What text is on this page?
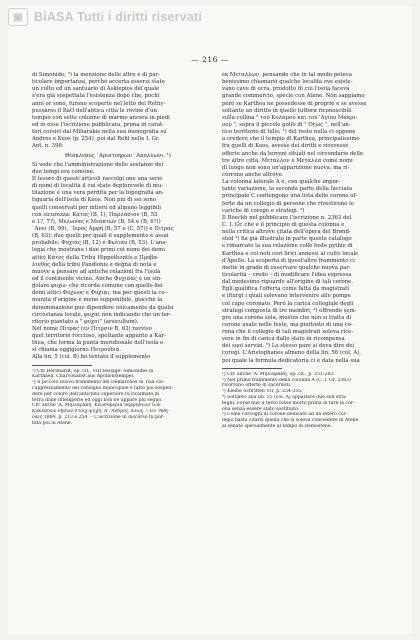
▣ BiASA Tutti i diritti riservati
— 216 —
di Simonide; ²) la menzione delle altre è di par-
ticolare importanza, perchè accerta essersi stato
un culto ed un santuario di Asklepios del quale
s'era già sospettata l'esistenza dopo che, pochi
anni or sono, furono scoperte nel letto del Rethy-
pussaros il BaO dell'antica città le rovine d'un
tempio con sette colonne di marmo ancora in piedi
ed in esse l'iscrizione pubblicata, prima in carat-
teri corsivi dal Miliarakis nella sua monografia su
Andros e Keos (p. 254), poi dal Rohl nelle I. Gr.
Ant. n. 398:
Θεόκλεᾶος ᾽Αριστοήρων ᾽Απόλλωνι. ¹)
Si vede che l'amministrazione delle sostanze dei
due tempi era comune.
Il tesoro di questi articoli raccolgi one una serie
di nomi di località il cui stato deplorevole di mu-
tilazione è una vera perdita per la topografia an-
tiquaria dell'isola di Keos. Non più di sei sono
quelli conservati per intiero ed almeno leggibili
con sicurezza: Κάτος (B, 1), Παρλάσιον (B, 55
e 1?, 7?), Μέλωνας e Μεάκτων (B, 54 e (B, 6?))
᾽Ανεί (B, 99), ᾽Ιερὸς Αμφῆ (B, 57 e (C, 57)) e Πιτρας
(B, 63); due quelli per quali il supplemento è assai
probabile: Φυχιὰς (B, 12) e Φωιιάυ (B, 53). L'ana-
logia che mostrano i due primi coi nomi dei demi
attici Κάτος della Tribù Hippothontis e Προβα-
λινθος della tribù Pandionis è degna di nota e
muove a pensare ad antiche relazioni fra l'isola
ed il continente vicino. Anche Φυχιάας è un sin-
golare φυχώ- che ricorda comune con quello dei
demi attici Φυχώος e Φυχιάι, ma per questi la co-
munità d'origine è meno supponibile, giacchè la
denominazione può dipendere unicamente da qualsi
circostanza locale, φυχαί non indicando che un ter-
ritorio piantato a " φυχοί" (arsicultum).
Nel nome Πιτρας (ἐν Πιτρσιν B, 63) ravviso
quel territorio roccioso, spettante appunto a Kar-
thea, che forma la punta meridionale dell'isola e
si chiama oggigiorno Πετρούδια.
Alla lin. 5 (col. B) ho tentato il supplemento
¹) Cfr. Bernhardt, op. cit., VIII Beilage: Simonides in
Karthaea. Charconalist aus Apollonstempel.
²) Il piccolo nuovo frammento del Demarchos di Tzia col-
l'apprezzamento del consiglio municipale e fatto poi sospen-
dere per colore dell'antichità superiore fu ricolmato di
terra dalle intemperie ed oggi non ne appare più segno.
Cfr. anche 'Α. Μηλιαράκη, Κεωσομερια παρρησιών των
Κυκλάδων νήσων στοιχ ψυχή, A' 'Ανδρος, Κέως. – Εν 'Αθή-
ναις 1884, p. 213 e 254. – L'iscrizione in discorso fu por-
tata poi in Atene.
ἐκ Μεταλλων, pensando che in tal modo poteva
benissimo chiamarsi qualche località ove esiste-
vano cave di ocra, prodotto di cui l'isola faceva
grande commercio, specie con Atene. Non sappiamo
però se Karthea ne possedesse di proprie e se avesse
soltanto un diritto in quelle tuttora riconoscibili
sulla collina " τοῦ Κολάμου καὶ τοῦ 'Αγίου Μακρί-
νου ", sopra il piccolo golfo di " Ὀξώς ", nell'an-
tico territorio di Iulis; ¹) del resto nulla ci oppone
a credere che il tempio di Karthea, principalissimo
fra quelli di Keos, avesse dei diritti e ricevesse
offerte anche da terreni situati nel circondario delle
tre altre città. Μεταλλον e Μεταλλα come nomi
di luogo non sono un'apparizione nuova, ma ri-
corrono anche altrove.
La colonna laterale A e, con qualche impor-
tante variazione, la seconda parte della facciata
principale C contengono una lista delle corone of-
ferte da un collegio di persone che rivestirono le
cariche di corego e strategi. ²)
Il Boeckh nel pubblicare l'iscrizione n. 2363 del
C. I. Gr. che è il principio di questa colonna e
nella critica altrove citata dell'opera del Brønd-
sted ³) ha già illustrato in parte questo catalogo
e rimarcato la sua relazione colle feste pythie di
Karthea e coi noti cori lirici annessi al culto locale
d'Apollo. La scoperta di quest'altro frammento ci
mette in grado di osservare qualche nuova par-
ticolarità – credo – di modificare l'idea espressa
dal medesimo riguardo all'origine di tali corone.
Egli qualifica l'offerta come fatta da magistrati
e liturgi i quali solevano intervenire alle pompe
col capo coronato. Però la carica collegiale degli
strategi composta di tre membri, ⁴) offrendo sem-
pre una corona sola, mostra che non si tratta di
corone usate nelle feste, ma piuttosto di una co-
rona che il collegio di tali magistrati soleva rice-
vere in fin di carica dallo stato in ricompensa
dei suoi servizi. ⁵) Lo stesso pare si deva dire dei
coregi. L'Aristophanes almeno della lin. 56 (col. A),
poi quale la formula dedicatoria ci è data nella sua
¹) Cfr. anche 'Α. Μηλιαράκη, op. cit., p. 251-263.
²) Nel primo frammento della colonna A (C. I. Gr. 2363)
ricorrono offerte di sacerdoti.
³) Kleine Schriften VII, p. 254-355.
⁴) Soltanto alla lin. 55 (col. A) apparisce due soli stra-
teghi. Forse due il terzo fosse morto prima di fare la cor-
ona senza essere stato sostituito.
⁵) Come corcogni di corone dedicate ad un intero col-
legio basta citarsi quella che si soleva conciedere in Atene
al senato specialmente al tempo di Demostene.
